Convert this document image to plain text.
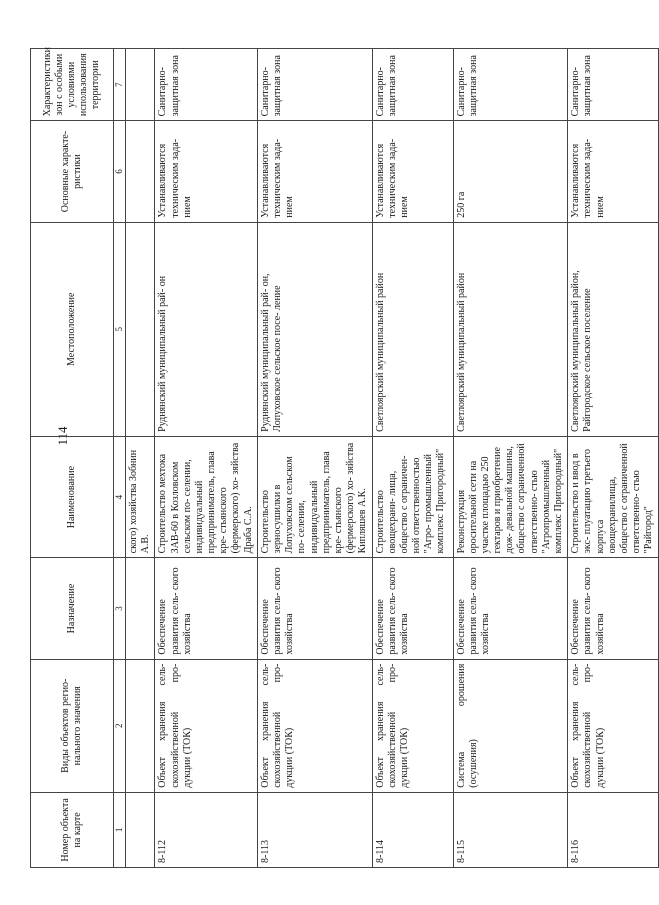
114
Номер объекта на карте	Виды объектов регио- нального значения	Назначение	Наименование	Местоположение	Основные характе- ристики	Характеристики зон с особыми условиями использования территории
1	2	3	4	5	6	7
			ского) хозяйства Зобнин А.В.			
8-112	Объект хранения сель- скохозяйственной про- дукции (ТОК)	Обеспечение развития сель- ского хозяйства	Строительство мехтока ЗАВ-60 в Козловском сельском по- селении, индивидуальный предприниматель, глава кре- стьянского (фермерского) хо- зяйства Драба С.А.	Руднянский муниципальный рай- он	Устанавливаются техническим зада- нием	Санитарно- защитная зона
8-113	Объект хранения сель- скохозяйственной про- дукции (ТОК)	Обеспечение развития сель- ского хозяйства	Строительство зерносушилки в Лопуховском сельском по- селении, индивидуальный предприниматель, глава кре- стьянского (фермерского) хо- зяйства Кипляшев А.К.	Руднянский муниципальный рай- он, Лопуховское сельское посе- ление	Устанавливаются техническим зада- нием	Санитарно- защитная зона
8-114	Объект хранения сель- скохозяйственной про- дукции (ТОК)	Обеспечение развития сель- ского хозяйства	Строительство овощехрани- лища, общество с ограничен- ной ответственностью "Агро- промышленный комплекс Пригородный"	Светлоярский муниципальный район	Устанавливаются техническим зада- нием	Санитарно- защитная зона
8-115	Система орошения (осушения)	Обеспечение развития сель- ского хозяйства	Реконструкция оросительной сети на участке площадью 250 гектаров и приобретение дож- девальной машины, общество с ограниченной ответственно- стью "Агропромышленный комплекс Пригородный"	Светлоярский муниципальный район	250 га	Санитарно- защитная зона
8-116	Объект хранения сель- скохозяйственной про- дукции (ТОК)	Обеспечение развития сель- ского хозяйства	Строительство и ввод в экс- плуатацию третьего корпуса овощехранилища, общество с ограниченной ответственно- стью "Райгород"	Светлоярский муниципальный район, Райгородское сельское поселение	Устанавливаются техническим зада- нием	Санитарно- защитная зона
